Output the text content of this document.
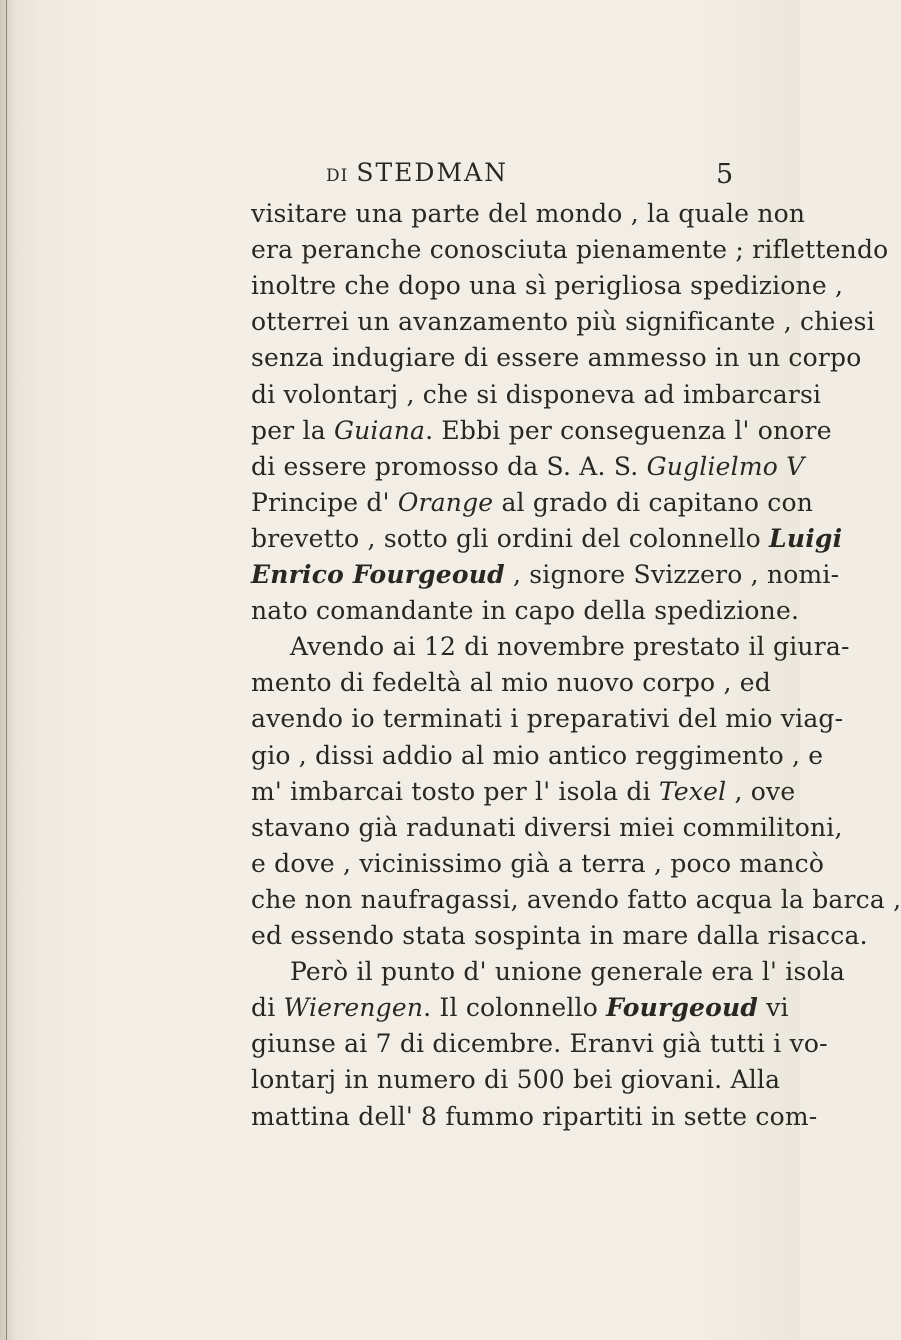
DI STEDMAN	5
visitare una parte del mondo , la quale non
era peranche conosciuta pienamente ; riflettendo
inoltre che dopo una sì perigliosa spedizione ,
otterrei un avanzamento più significante , chiesi
senza indugiare di essere ammesso in un corpo
di volontarj , che si disponeva ad imbarcarsi
per la Guiana. Ebbi per conseguenza l' onore
di essere promosso da S. A. S. Guglielmo V
Principe d' Orange al grado di capitano con
brevetto , sotto gli ordini del colonnello Luigi
Enrico Fourgeoud , signore Svizzero , nomi-
nato comandante in capo della spedizione.
Avendo ai 12 di novembre prestato il giura-
mento di fedeltà al mio nuovo corpo , ed
avendo io terminati i preparativi del mio viag-
gio , dissi addio al mio antico reggimento , e
m' imbarcai tosto per l' isola di Texel , ove
stavano già radunati diversi miei commilitoni,
e dove , vicinissimo già a terra , poco mancò
che non naufragassi, avendo fatto acqua la barca ,
ed essendo stata sospinta in mare dalla risacca.
Però il punto d' unione generale era l' isola
di Wierengen. Il colonnello Fourgeoud vi
giunse ai 7 di dicembre. Eranvi già tutti i vo-
lontarj in numero di 500 bei giovani. Alla
mattina dell' 8 fummo ripartiti in sette com-
